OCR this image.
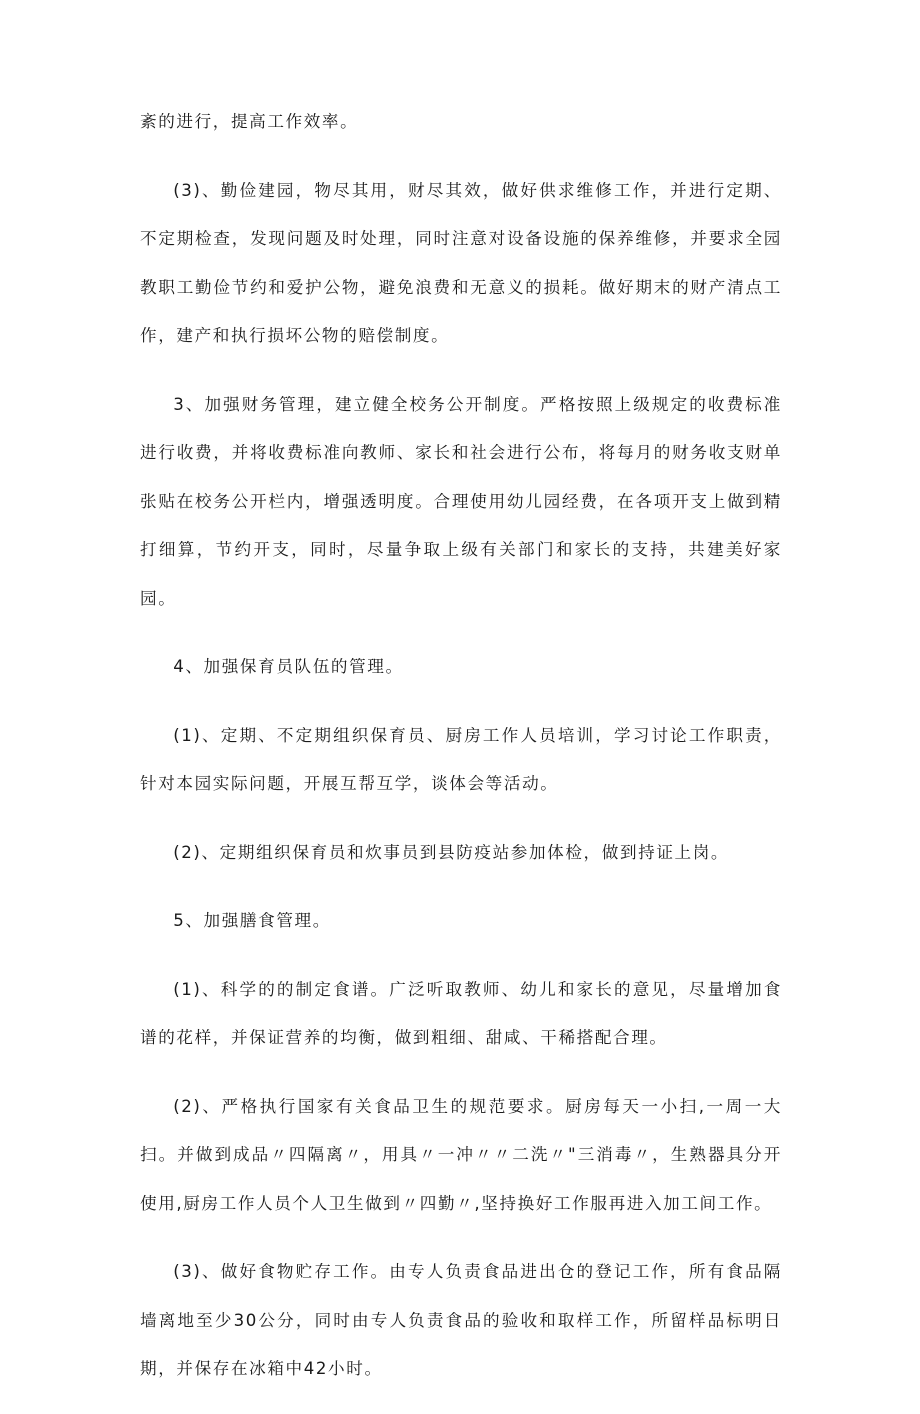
紊的进行，提高工作效率。

(3)、勤俭建园，物尽其用，财尽其效，做好供求维修工作，并进行定期、不定期检查，发现问题及时处理，同时注意对设备设施的保养维修，并要求全园教职工勤俭节约和爱护公物，避免浪费和无意义的损耗。做好期末的财产清点工作，建产和执行损坏公物的赔偿制度。

3、加强财务管理，建立健全校务公开制度。严格按照上级规定的收费标准进行收费，并将收费标准向教师、家长和社会进行公布，将每月的财务收支财单张贴在校务公开栏内，增强透明度。合理使用幼儿园经费，在各项开支上做到精打细算，节约开支，同时，尽量争取上级有关部门和家长的支持，共建美好家园。

4、加强保育员队伍的管理。

(1)、定期、不定期组织保育员、厨房工作人员培训，学习讨论工作职责，针对本园实际问题，开展互帮互学，谈体会等活动。

(2)、定期组织保育员和炊事员到县防疫站参加体检，做到持证上岗。

5、加强膳食管理。

(1)、科学的的制定食谱。广泛听取教师、幼儿和家长的意见，尽量增加食谱的花样，并保证营养的均衡，做到粗细、甜咸、干稀搭配合理。

(2)、严格执行国家有关食品卫生的规范要求。厨房每天一小扫,一周一大扫。并做到成品〃四隔离〃，用具〃一冲〃〃二洗〃"三消毒〃，生熟器具分开使用,厨房工作人员个人卫生做到〃四勤〃,坚持换好工作服再进入加工间工作。

(3)、做好食物贮存工作。由专人负责食品进出仓的登记工作，所有食品隔墙离地至少30公分，同时由专人负责食品的验收和取样工作，所留样品标明日期，并保存在冰箱中42小时。
